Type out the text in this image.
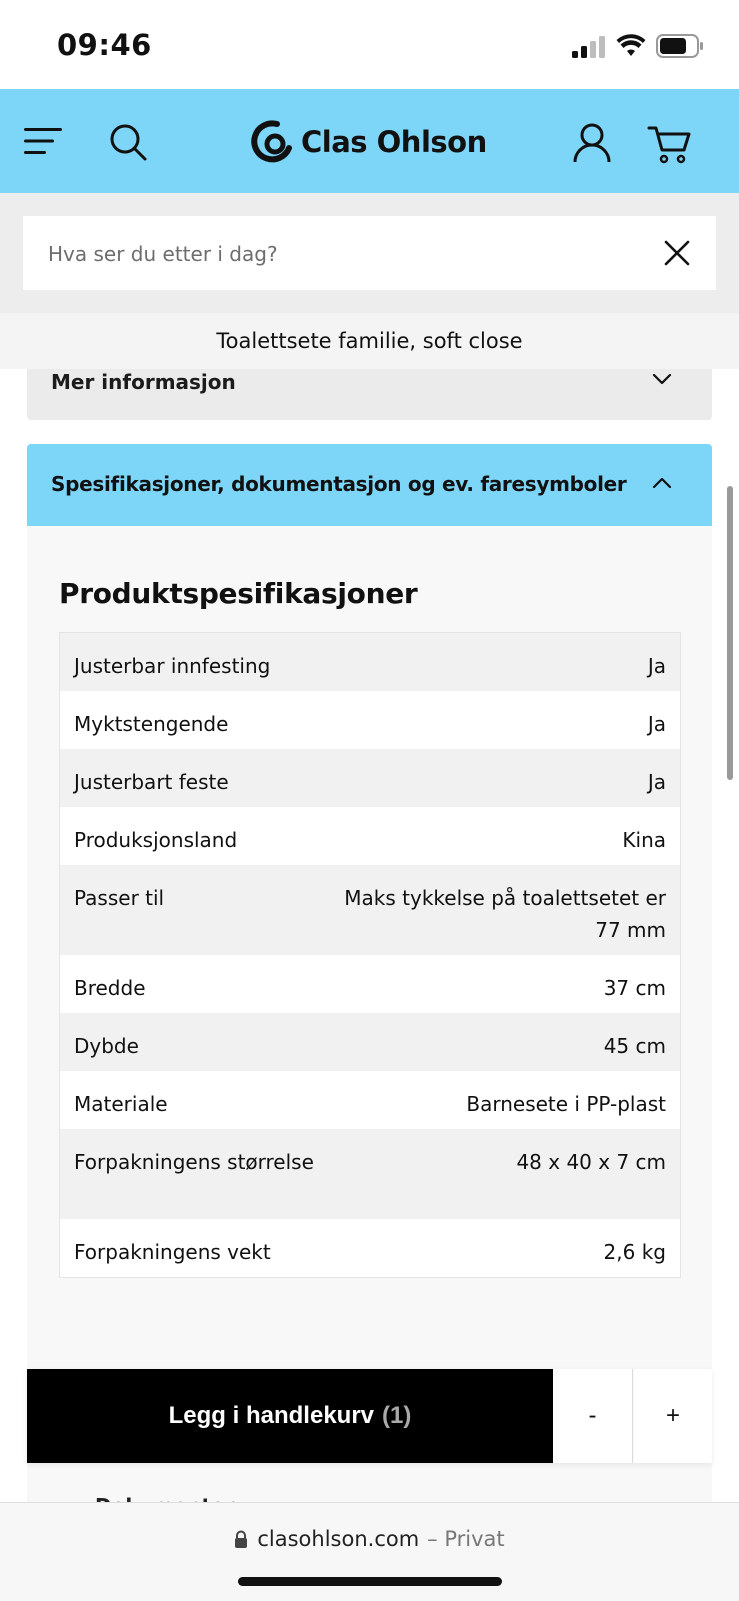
09:46
Clas Ohlson
Hva ser du etter i dag?
Mer informasjon
Toalettsete familie, soft close
Spesifikasjoner, dokumentasjon og ev. faresymboler
Produktspesifikasjoner
Justerbar innfesting	Ja
Myktstengende	Ja
Justerbart feste	Ja
Produksjonsland	Kina
Passer til	Maks tykkelse på toalettsetet er 77 mm
Bredde	37 cm
Dybde	45 cm
Materiale	Barnesete i PP-plast
Forpakningens størrelse	48 x 40 x 7 cm
Forpakningens vekt	2,6 kg
Legg i handlekurv (1)	-	+
clasohlson.com – Privat
